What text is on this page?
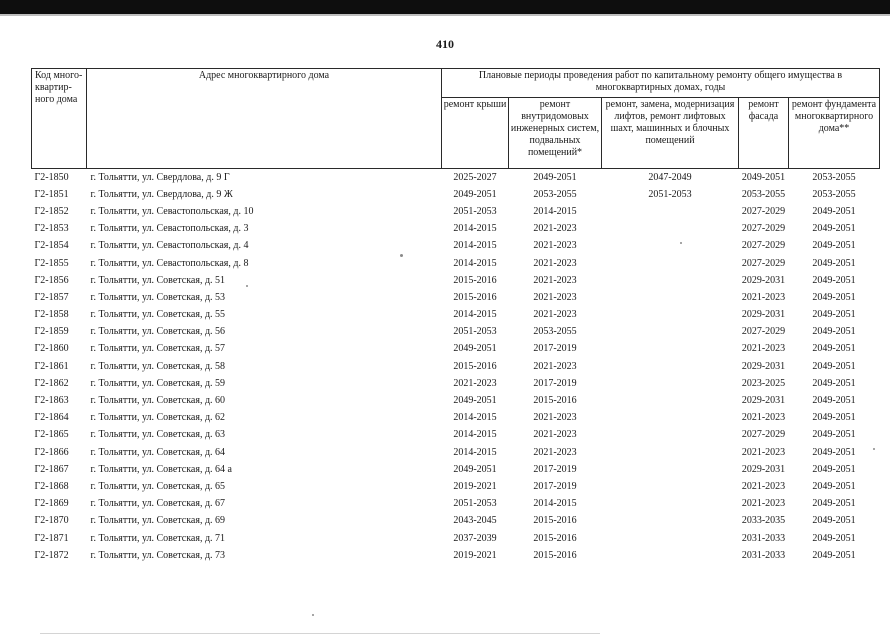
410
Код много-квартир-ного дома	Адрес многоквартирного дома	Плановые периоды проведения работ по капитальному ремонту общего имущества в многоквартирных домах, годы				
		ремонт крыши	ремонт внутридомовых инженерных систем, подвальных помещений*	ремонт, замена, модернизация лифтов, ремонт лифтовых шахт, машинных и блочных помещений	ремонт фасада	ремонт фундамента многоквартирного дома**
Г2-1850	г. Тольятти, ул. Свердлова, д. 9 Г	2025-2027	2049-2051	2047-2049	2049-2051	2053-2055
Г2-1851	г. Тольятти, ул. Свердлова, д. 9 Ж	2049-2051	2053-2055	2051-2053	2053-2055	2053-2055
Г2-1852	г. Тольятти, ул. Севастопольская, д. 10	2051-2053	2014-2015		2027-2029	2049-2051
Г2-1853	г. Тольятти, ул. Севастопольская, д. 3	2014-2015	2021-2023		2027-2029	2049-2051
Г2-1854	г. Тольятти, ул. Севастопольская, д. 4	2014-2015	2021-2023		2027-2029	2049-2051
Г2-1855	г. Тольятти, ул. Севастопольская, д. 8	2014-2015	2021-2023		2027-2029	2049-2051
Г2-1856	г. Тольятти, ул. Советская, д. 51	2015-2016	2021-2023		2029-2031	2049-2051
Г2-1857	г. Тольятти, ул. Советская, д. 53	2015-2016	2021-2023		2021-2023	2049-2051
Г2-1858	г. Тольятти, ул. Советская, д. 55	2014-2015	2021-2023		2029-2031	2049-2051
Г2-1859	г. Тольятти, ул. Советская, д. 56	2051-2053	2053-2055		2027-2029	2049-2051
Г2-1860	г. Тольятти, ул. Советская, д. 57	2049-2051	2017-2019		2021-2023	2049-2051
Г2-1861	г. Тольятти, ул. Советская, д. 58	2015-2016	2021-2023		2029-2031	2049-2051
Г2-1862	г. Тольятти, ул. Советская, д. 59	2021-2023	2017-2019		2023-2025	2049-2051
Г2-1863	г. Тольятти, ул. Советская, д. 60	2049-2051	2015-2016		2029-2031	2049-2051
Г2-1864	г. Тольятти, ул. Советская, д. 62	2014-2015	2021-2023		2021-2023	2049-2051
Г2-1865	г. Тольятти, ул. Советская, д. 63	2014-2015	2021-2023		2027-2029	2049-2051
Г2-1866	г. Тольятти, ул. Советская, д. 64	2014-2015	2021-2023		2021-2023	2049-2051
Г2-1867	г. Тольятти, ул. Советская, д. 64 а	2049-2051	2017-2019		2029-2031	2049-2051
Г2-1868	г. Тольятти, ул. Советская, д. 65	2019-2021	2017-2019		2021-2023	2049-2051
Г2-1869	г. Тольятти, ул. Советская, д. 67	2051-2053	2014-2015		2021-2023	2049-2051
Г2-1870	г. Тольятти, ул. Советская, д. 69	2043-2045	2015-2016		2033-2035	2049-2051
Г2-1871	г. Тольятти, ул. Советская, д. 71	2037-2039	2015-2016		2031-2033	2049-2051
Г2-1872	г. Тольятти, ул. Советская, д. 73	2019-2021	2015-2016		2031-2033	2049-2051
